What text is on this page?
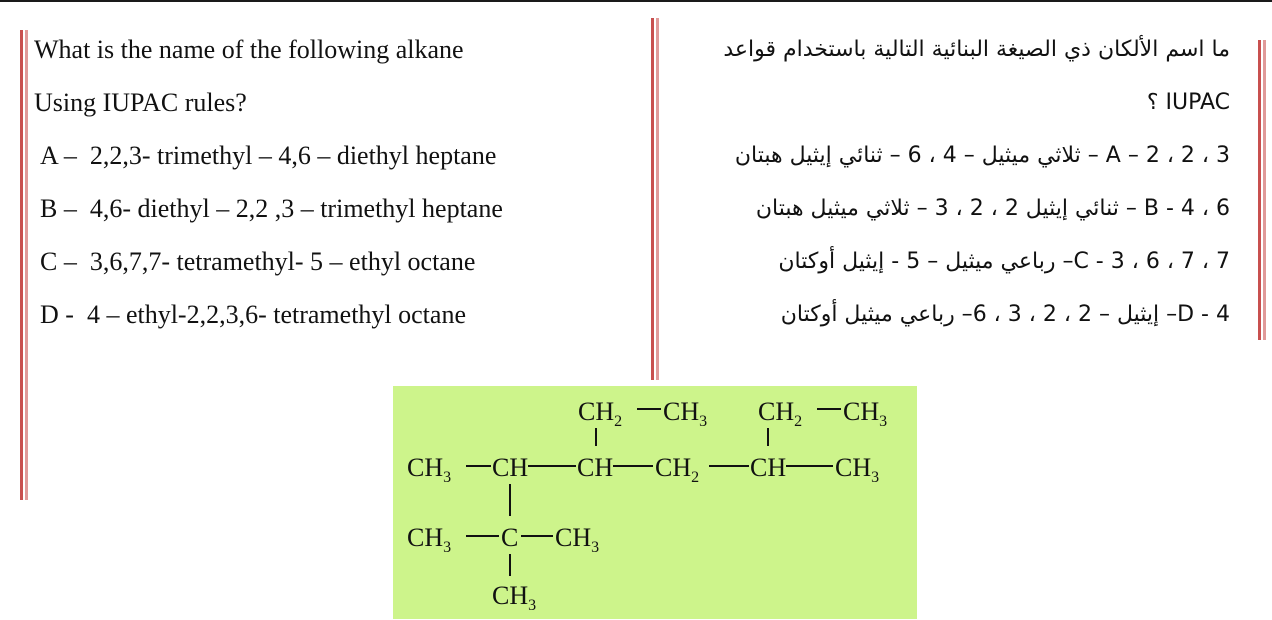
What is the name of the following alkane
Using IUPAC rules?
A – 2,2,3- trimethyl – 4,6 – diethyl heptane
B – 4,6- diethyl – 2,2 ,3 – trimethyl heptane
C – 3,6,7,7- tetramethyl- 5 – ethyl octane
D - 4 – ethyl-2,2,3,6- tetramethyl octane
ما اسم الألكان ذي الصيغة البنائية التالية باستخدام قواعد
IUPAC ؟
A – 2 ، 2 ، 3 – ثلاثي ميثيل – 4 ، 6 – ثنائي إيثيل هبتان
B - 4 ، 6 – ثنائي إيثيل 2 ، 2 ، 3 – ثلاثي ميثيل هبتان
C - 3 ، 6 ، 7 ، 7– رباعي ميثيل – 5 - إيثيل أوكتان
D - 4– إيثيل – 2 ، 2 ، 3 ، 6– رباعي ميثيل أوكتان
$CH_2$ $CH_3$ $CH_2$ $CH_3$
$CH_3$ CH CH $CH_2$ CH $CH_3$
$CH_3$ C $CH_3$
$CH_3$
